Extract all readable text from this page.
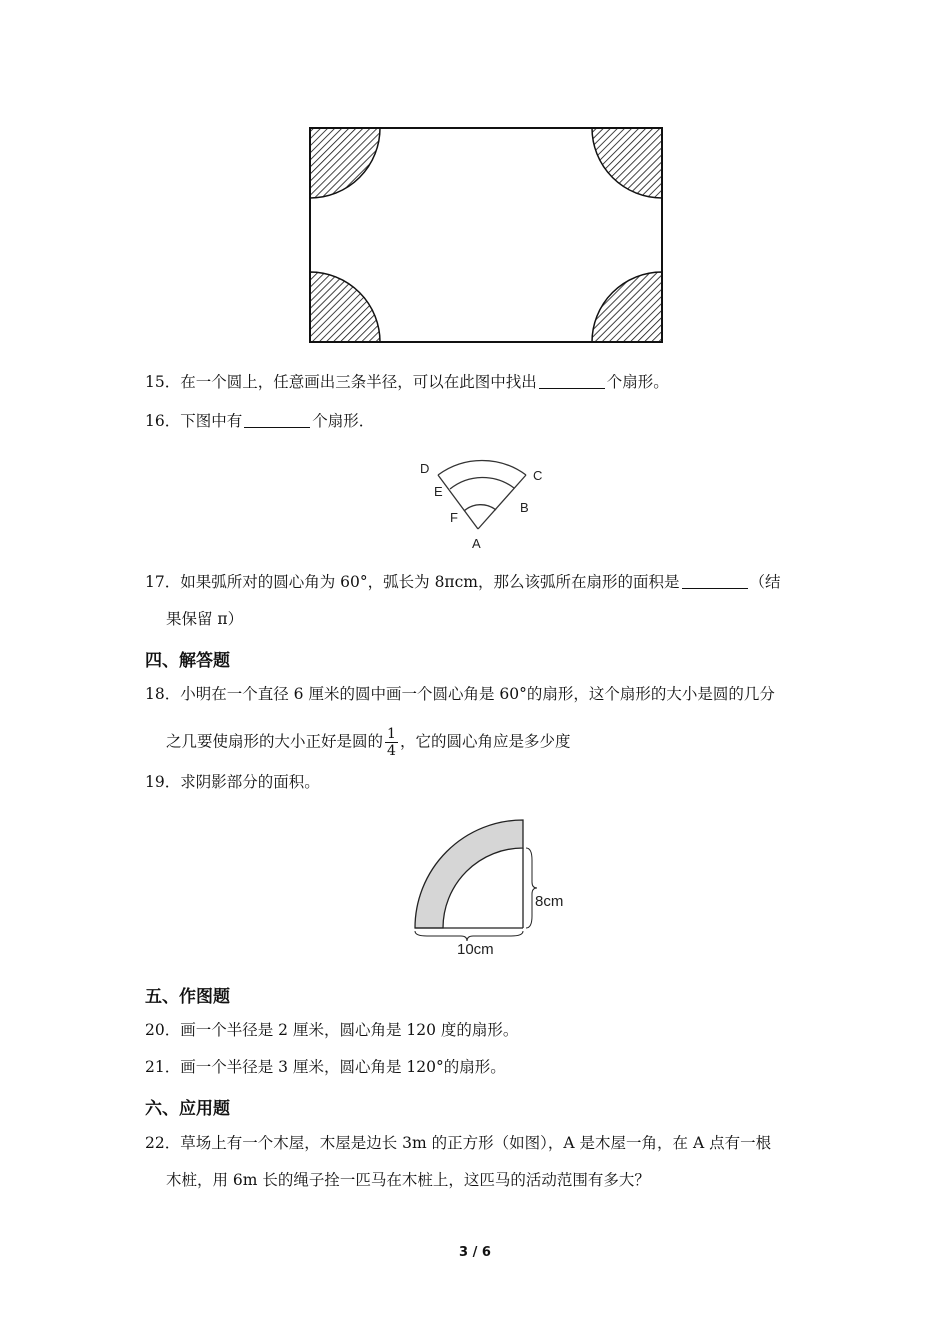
15．在一个圆上，任意画出三条半径，可以在此图中找出	个扇形。
16．下图中有	个扇形．
D	C
E
B
F
A
17．如果弧所对的圆心角为 60°，弧长为 8πcm，那么该弧所在扇形的面积是	（结
果保留 π）
四、解答题
18．小明在一个直径 6 厘米的圆中画一个圆心角是 60°的扇形，这个扇形的大小是圆的几分
之几要使扇形的大小正好是圆的 $\frac{1}{4}$ ，它的圆心角应是多少度
19．求阴影部分的面积。
8cm
10cm
五、作图题
20．画一个半径是 2 厘米，圆心角是 120 度的扇形。
21．画一个半径是 3 厘米，圆心角是 120°的扇形。
六、应用题
22．草场上有一个木屋，木屋是边长 3m 的正方形（如图），A 是木屋一角，在 A 点有一根
木桩，用 6m 长的绳子拴一匹马在木桩上，这匹马的活动范围有多大？
3 / 6
